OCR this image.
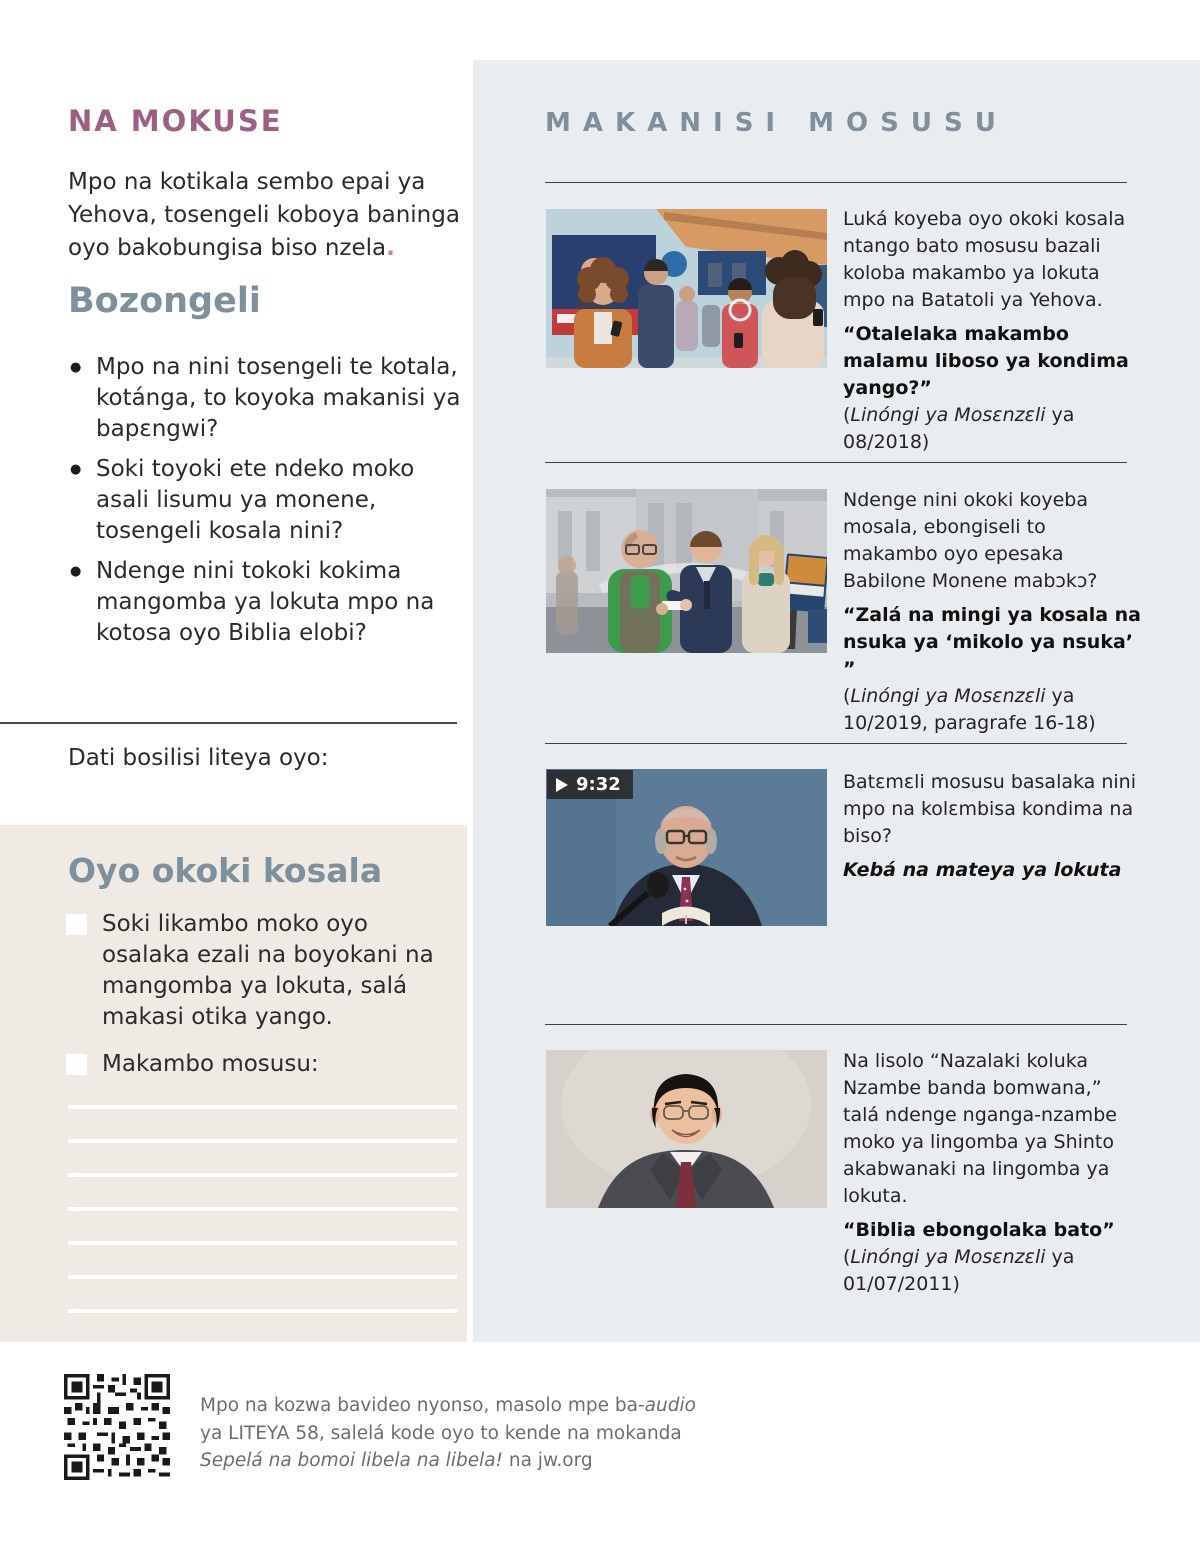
NA MOKUSE

Mpo na kotikala sembo epai ya Yehova, tosengeli koboya baninga oyo bakobungisa biso nzela.

Bozongeli
● Mpo na nini tosengeli te kotala, kotánga, to koyoka makanisi ya bapɛngwi?
● Soki toyoki ete ndeko moko asali lisumu ya monene, tosengeli kosala nini?
● Ndenge nini tokoki kokima mangomba ya lokuta mpo na kotosa oyo Biblia elobi?

Dati bosilisi liteya oyo:

Oyo okoki kosala
Soki likambo moko oyo osalaka ezali na boyokani na mangomba ya lokuta, salá makasi otika yango.
Makambo mosusu:
MAKANISI MOSUSU

Luká koyeba oyo okoki kosala ntango bato mosusu bazali koloba makambo ya lokuta mpo na Batatoli ya Yehova.

“Otalelaka makambo malamu liboso ya kondima yango?”

(Linóngi ya Mosɛnzɛli ya 08/2018)

Ndenge nini okoki koyeba mosala, ebongiseli to makambo oyo epesaka Babilone Monene mabɔkɔ?

“Zalá na mingi ya kosala na nsuka ya ‘mikolo ya nsuka’ ”

(Linóngi ya Mosɛnzɛli ya 10/2019, paragrafe 16-18)

9:32	Batɛmɛli mosusu basalaka nini mpo na kolɛmbisa kondima na biso?

Kebá na mateya ya lokuta

Na lisolo “Nazalaki koluka Nzambe banda bomwana,” talá ndenge nganga-nzambe moko ya lingomba ya Shinto akabwanaki na lingomba ya lokuta.

“Biblia ebongolaka bato”

(Linóngi ya Mosɛnzɛli ya 01/07/2011)

Mpo na kozwa bavideo nyonso, masolo mpe ba-audio
ya LITEYA 58, salelá kode oyo to kende na mokanda
Sepelá na bomoi libela na libela! na jw.org
